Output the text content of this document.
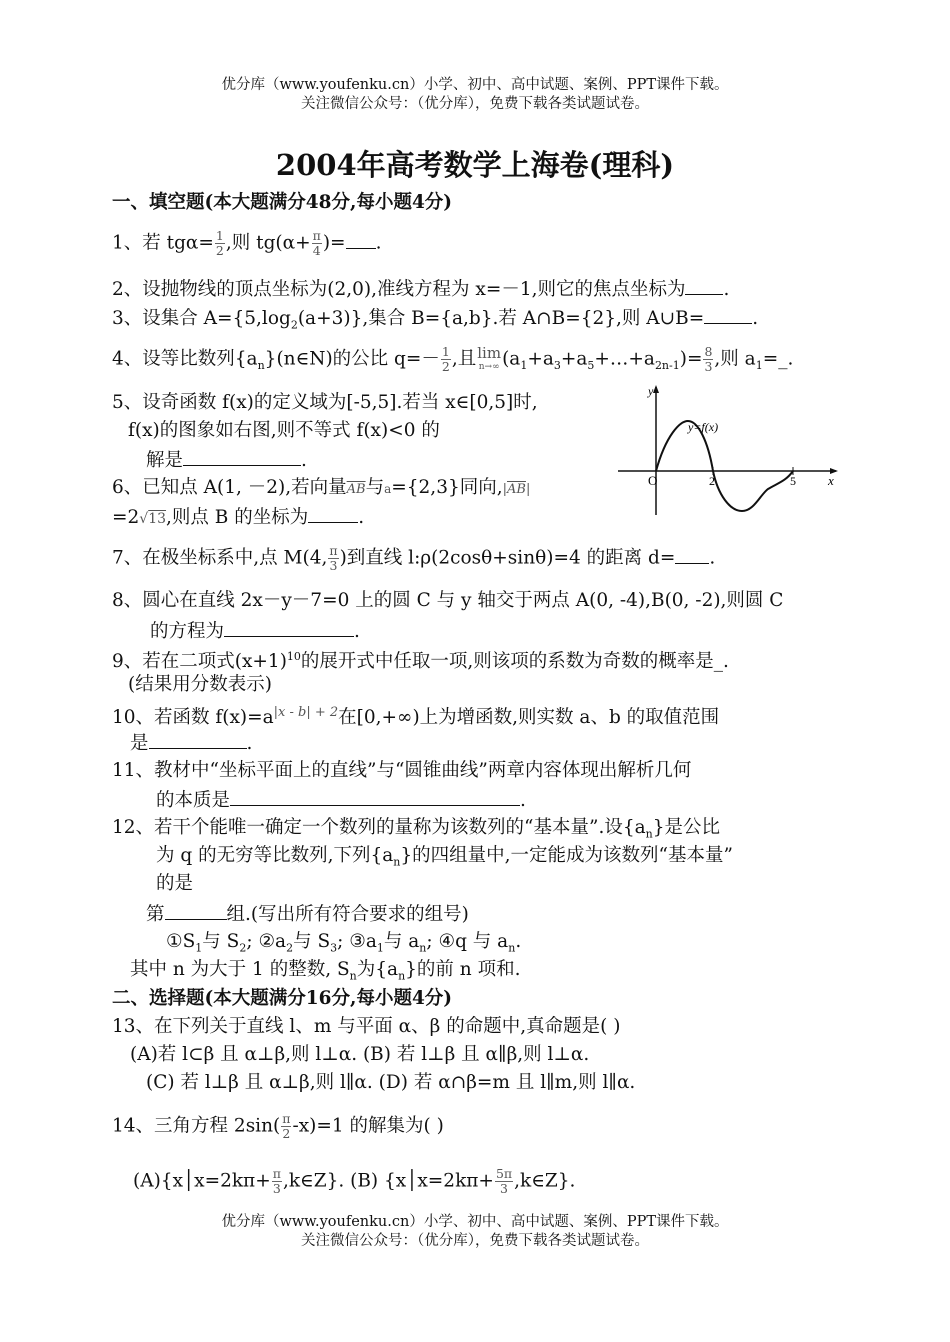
优分库（www.youfenku.cn）小学、初中、高中试题、案例、PPT课件下载。
关注微信公众号：（优分库），免费下载各类试题试卷。
2004年高考数学上海卷(理科)
一、填空题(本大题满分48分,每小题4分)
1、若 $tg\alpha= \frac{1}{2}$ ,则 $tg(\alpha+ \frac{\pi}{4}$ )= .
2、设抛物线的顶点坐标为(2,0),准线方程为 x=－1,则它的焦点坐标为 .
3、设集合 $A=\{5,\log_2(a+3)\}$,集合 B={a,b}.若 A∩B={2},则 A∪B=	.
4、设等比数列$\{a_n\}(n\in N)$的公比 $q=- \frac{1}{2}$ ,且 lim
n→∞ $(a_1+a_3+a_5+\dots+a_{2n-1})= \frac{8}{3}$ ,则 $a_1=\_$.
5、设奇函数 f(x)的定义域为[-5,5].若当 x∈[0,5]时,
f(x)的图象如右图,则不等式 f(x)<0 的
解是	.
y
x
O	2	5
y=f(x)
6、已知点 A(1, －2),若向量$\overline{AB}$与a={2,3}同向$,|\overline{AB}|$
=2√13,则点 B 的坐标为	.
7、在极坐标系中,点 M(4, $\frac{\pi}{3}$ )到直线 l:ρ(2cosθ+sinθ)=4 的距离 d= .
8、圆心在直线 2x－y－7=0 上的圆 C 与 y 轴交于两点 A(0, -4),B(0, -2),则圆 C
的方程为	.
9、若在二项式$(x+1)^{10}$的展开式中任取一项,则该项的系数为奇数的概率是_.
(结果用分数表示)
10、若函数 $f(x)=a^{|x - b| + 2}$在[0,+∞)上为增函数,则实数 a、b 的取值范围
是	.
11、教材中“坐标平面上的直线”与“圆锥曲线”两章内容体现出解析几何
的本质是	.
12、若干个能唯一确定一个数列的量称为该数列的“基本量”.设$\{a_n\}$是公比
为 q 的无穷等比数列,下列$\{a_n\}$的四组量中,一定能成为该数列“基本量”
的是
第	组.(写出所有符合要求的组号)
$①S_1$与 $S_2$; $②a_2$与 $S_3$; $③a_1$与 $a_n$; ④q 与 $a_n$.
其中 n 为大于 1 的整数, $S_n$为$\{a_n\}$的前 n 项和.
二、选择题(本大题满分16分,每小题4分)
13、在下列关于直线 l、m 与平面 α、β 的命题中,真命题是( )
(A)若 l⊂β 且 α⊥β,则 l⊥α. (B) 若 l⊥β 且 α∥β,则 l⊥α.
(C) 若 l⊥β 且 α⊥β,则 l∥α. (D) 若 α∩β=m 且 l∥m,则 l∥α.
14、三角方程 $2\sin( \frac{\pi}{2} -x)=1$ 的解集为( )
(A){x│x=2kπ+ $\frac{\pi}{3}$ ,k∈Z}. (B) {x│x=2kπ+ $\frac{5\pi}{3}$ ,k∈Z}.
优分库（www.youfenku.cn）小学、初中、高中试题、案例、PPT课件下载。
关注微信公众号：（优分库），免费下载各类试题试卷。
